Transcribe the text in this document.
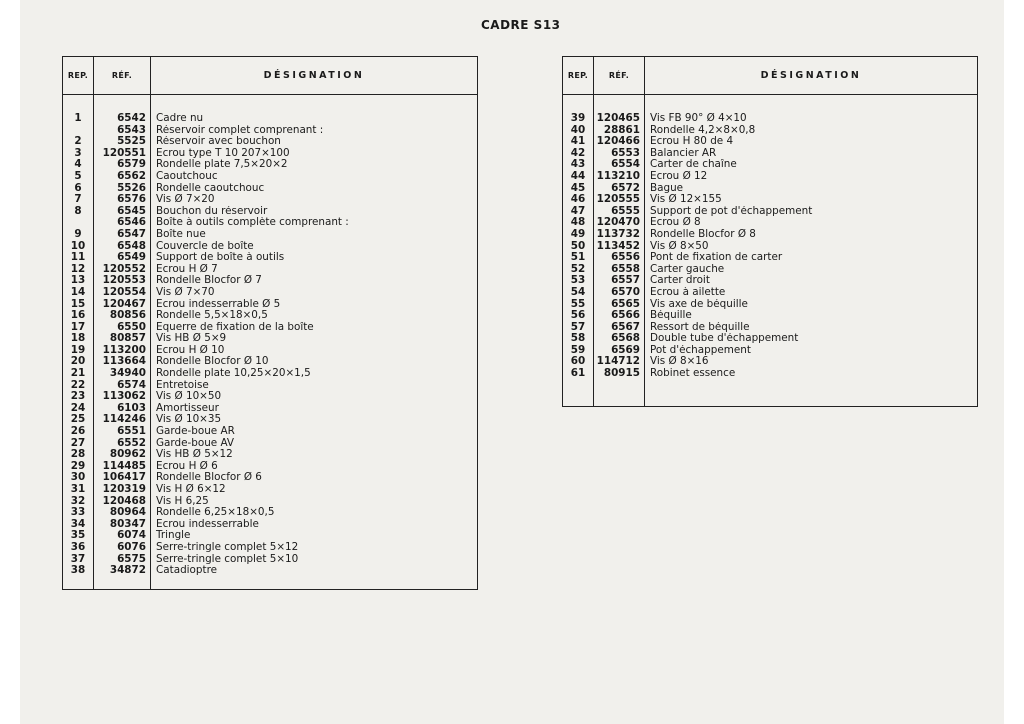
CADRE S13
REP.	RÉF.	DÉSIGNATION

1	6542	Cadre nu
	6543	Réservoir complet comprenant :
2	5525	Réservoir avec bouchon
3	120551	Ecrou type T 10 207×100
4	6579	Rondelle plate 7,5×20×2
5	6562	Caoutchouc
6	5526	Rondelle caoutchouc
7	6576	Vis Ø 7×20
8	6545	Bouchon du réservoir
	6546	Boîte à outils complète comprenant :
9	6547	Boîte nue
10	6548	Couvercle de boîte
11	6549	Support de boîte à outils
12	120552	Ecrou H Ø 7
13	120553	Rondelle Blocfor Ø 7
14	120554	Vis Ø 7×70
15	120467	Ecrou indesserrable Ø 5
16	80856	Rondelle 5,5×18×0,5
17	6550	Equerre de fixation de la boîte
18	80857	Vis HB Ø 5×9
19	113200	Ecrou H Ø 10
20	113664	Rondelle Blocfor Ø 10
21	34940	Rondelle plate 10,25×20×1,5
22	6574	Entretoise
23	113062	Vis Ø 10×50
24	6103	Amortisseur
25	114246	Vis Ø 10×35
26	6551	Garde-boue AR
27	6552	Garde-boue AV
28	80962	Vis HB Ø 5×12
29	114485	Ecrou H Ø 6
30	106417	Rondelle Blocfor Ø 6
31	120319	Vis H Ø 6×12
32	120468	Vis H 6,25
33	80964	Rondelle 6,25×18×0,5
34	80347	Ecrou indesserrable
35	6074	Tringle
36	6076	Serre-tringle complet 5×12
37	6575	Serre-tringle complet 5×10
38	34872	Catadioptre

REP.	RÉF.	DÉSIGNATION

39	120465	Vis FB 90° Ø 4×10
40	28861	Rondelle 4,2×8×0,8
41	120466	Ecrou H 80 de 4
42	6553	Balancier AR
43	6554	Carter de chaîne
44	113210	Ecrou Ø 12
45	6572	Bague
46	120555	Vis Ø 12×155
47	6555	Support de pot d'échappement
48	120470	Ecrou Ø 8
49	113732	Rondelle Blocfor Ø 8
50	113452	Vis Ø 8×50
51	6556	Pont de fixation de carter
52	6558	Carter gauche
53	6557	Carter droit
54	6570	Ecrou à ailette
55	6565	Vis axe de béquille
56	6566	Béquille
57	6567	Ressort de béquille
58	6568	Double tube d'échappement
59	6569	Pot d'échappement
60	114712	Vis Ø 8×16
61	80915	Robinet essence
